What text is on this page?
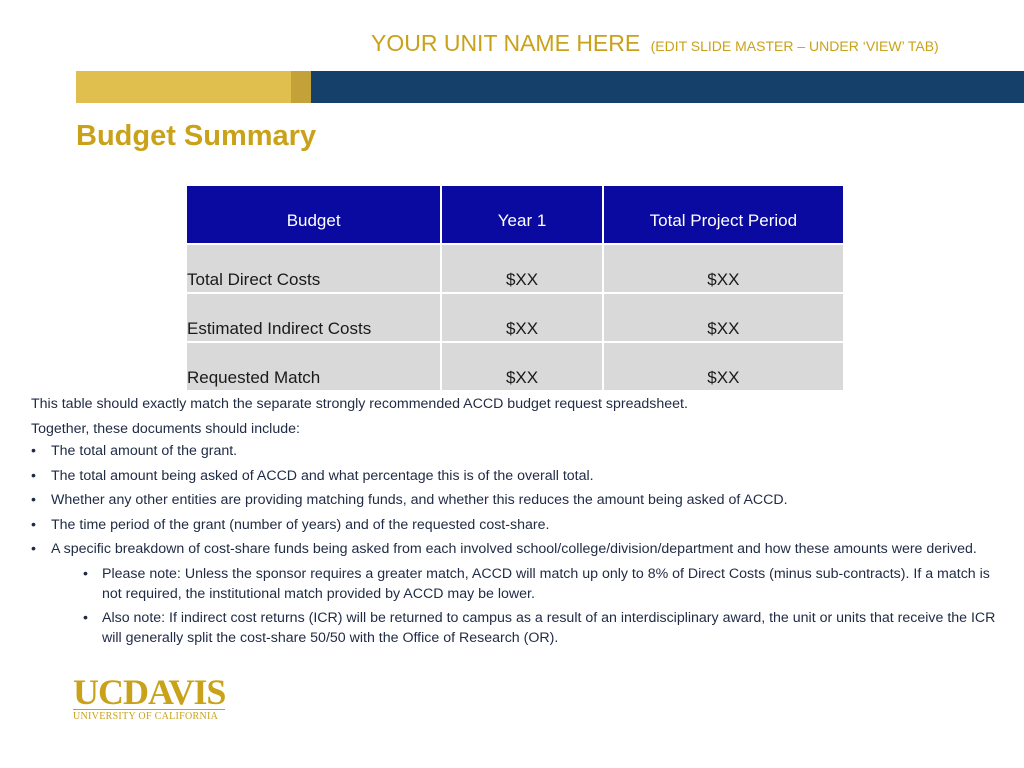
YOUR UNIT NAME HERE (EDIT SLIDE MASTER – UNDER ‘VIEW’ TAB)
Budget Summary
Budget	Year 1	Total Project Period
Total Direct Costs	$XX	$XX
Estimated Indirect Costs	$XX	$XX
Requested Match	$XX	$XX

This table should exactly match the separate strongly recommended ACCD budget request spreadsheet.

Together, these documents should include:

• The total amount of the grant.
• The total amount being asked of ACCD and what percentage this is of the overall total.
• Whether any other entities are providing matching funds, and whether this reduces the amount being asked of ACCD.
• The time period of the grant (number of years) and of the requested cost-share.
• A specific breakdown of cost-share funds being asked from each involved school/college/division/department and how these amounts were derived.
• Please note: Unless the sponsor requires a greater match, ACCD will match up only to 8% of Direct Costs (minus sub-contracts). If a match is not required, the institutional match provided by ACCD may be lower.
• Also note: If indirect cost returns (ICR) will be returned to campus as a result of an interdisciplinary award, the unit or units that receive the ICR will generally split the cost-share 50/50 with the Office of Research (OR).
UCDAVIS
UNIVERSITY OF CALIFORNIA
